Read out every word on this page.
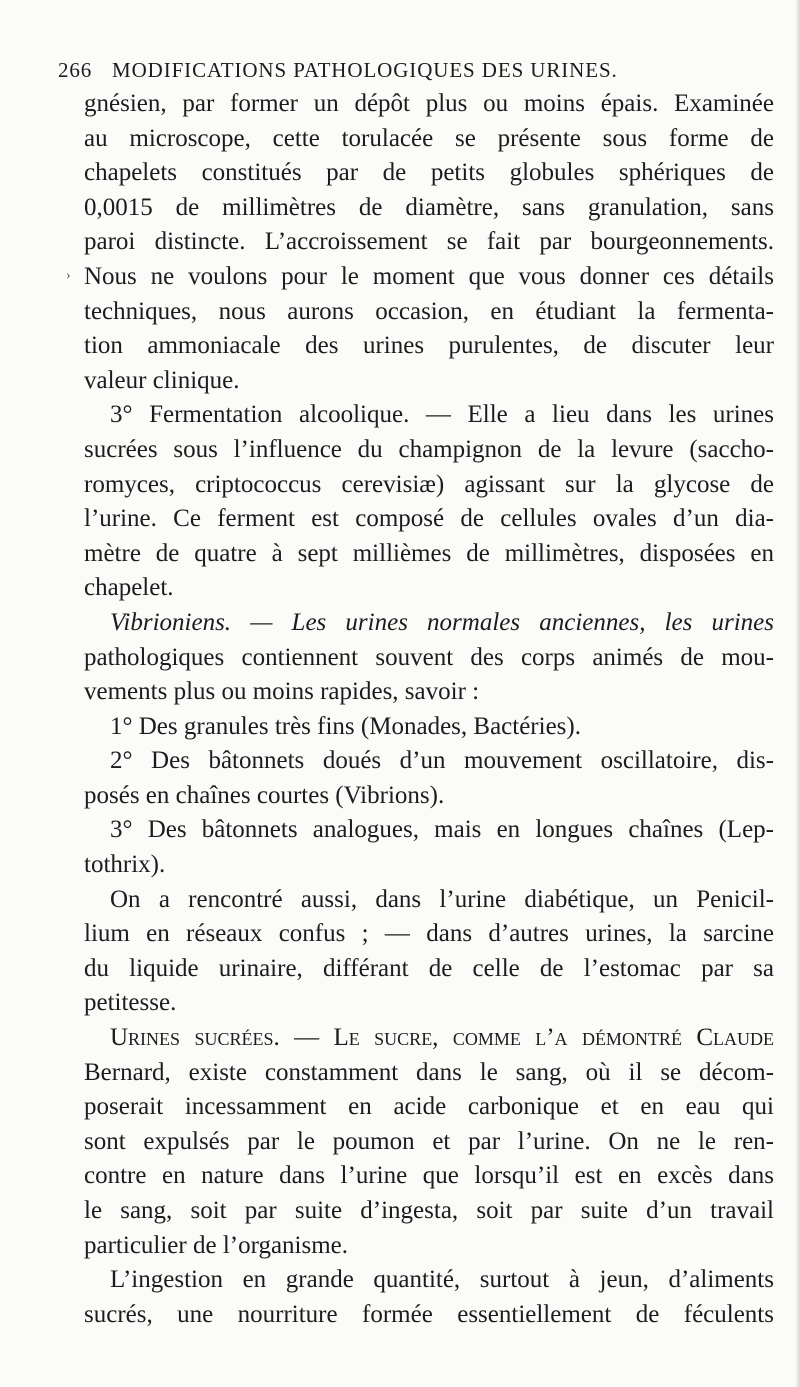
266 MODIFICATIONS PATHOLOGIQUES DES URINES.
›
gnésien, par former un dépôt plus ou moins épais. Examinée
au microscope, cette torulacée se présente sous forme de
chapelets constitués par de petits globules sphériques de
0,0015 de millimètres de diamètre, sans granulation, sans
paroi distincte. L’accroissement se fait par bourgeonnements.
Nous ne voulons pour le moment que vous donner ces détails
techniques, nous aurons occasion, en étudiant la fermenta-
tion ammoniacale des urines purulentes, de discuter leur
valeur clinique.
3° Fermentation alcoolique. — Elle a lieu dans les urines
sucrées sous l’influence du champignon de la levure (saccho-
romyces, criptococcus cerevisiæ) agissant sur la glycose de
l’urine. Ce ferment est composé de cellules ovales d’un dia-
mètre de quatre à sept millièmes de millimètres, disposées en
chapelet.
Vibrioniens. — Les urines normales anciennes, les urines
pathologiques contiennent souvent des corps animés de mou-
vements plus ou moins rapides, savoir :
1° Des granules très fins (Monades, Bactéries).
2° Des bâtonnets doués d’un mouvement oscillatoire, dis-
posés en chaînes courtes (Vibrions).
3° Des bâtonnets analogues, mais en longues chaînes (Lep-
tothrix).
On a rencontré aussi, dans l’urine diabétique, un Penicil-
lium en réseaux confus ; — dans d’autres urines, la sarcine
du liquide urinaire, différant de celle de l’estomac par sa
petitesse.
Urines sucrées. — Le sucre, comme l’a démontré Claude
Bernard, existe constamment dans le sang, où il se décom-
poserait incessamment en acide carbonique et en eau qui
sont expulsés par le poumon et par l’urine. On ne le ren-
contre en nature dans l’urine que lorsqu’il est en excès dans
le sang, soit par suite d’ingesta, soit par suite d’un travail
particulier de l’organisme.
L’ingestion en grande quantité, surtout à jeun, d’aliments
sucrés, une nourriture formée essentiellement de féculents
